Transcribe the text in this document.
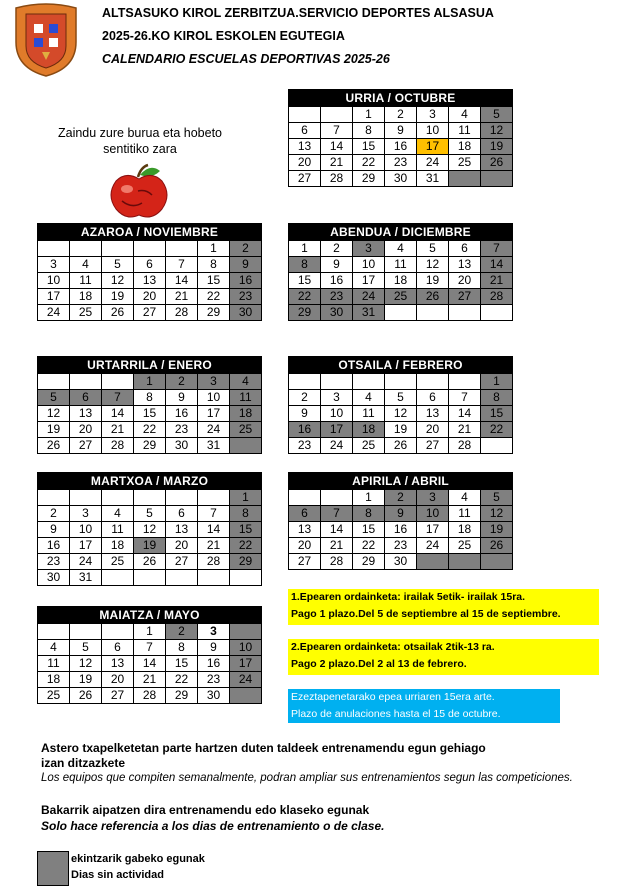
ALTSASUKO KIROL ZERBITZUA.SERVICIO DEPORTES ALSASUA
2025-26.KO KIROL ESKOLEN EGUTEGIA
CALENDARIO ESCUELAS DEPORTIVAS 2025-26
Zaindu zure burua eta hobeto
sentitiko zara
URRIA / OCTUBRE						
		1	2	3	4	5
6	7	8	9	10	11	12
13	14	15	16	17	18	19
20	21	22	23	24	25	26
27	28	29	30	31		
AZAROA / NOVIEMBRE						
					1	2
3	4	5	6	7	8	9
10	11	12	13	14	15	16
17	18	19	20	21	22	23
24	25	26	27	28	29	30
ABENDUA / DICIEMBRE						
1	2	3	4	5	6	7
8	9	10	11	12	13	14
15	16	17	18	19	20	21
22	23	24	25	26	27	28
29	30	31				
URTARRILA / ENERO						
			1	2	3	4
5	6	7	8	9	10	11
12	13	14	15	16	17	18
19	20	21	22	23	24	25
26	27	28	29	30	31	
OTSAILA / FEBRERO						
						1
2	3	4	5	6	7	8
9	10	11	12	13	14	15
16	17	18	19	20	21	22
23	24	25	26	27	28	
MARTXOA / MARZO						
						1
2	3	4	5	6	7	8
9	10	11	12	13	14	15
16	17	18	19	20	21	22
23	24	25	26	27	28	29
30	31					
APIRILA / ABRIL						
		1	2	3	4	5
6	7	8	9	10	11	12
13	14	15	16	17	18	19
20	21	22	23	24	25	26
27	28	29	30			
MAIATZA / MAYO						
			1	2	3	
4	5	6	7	8	9	10
11	12	13	14	15	16	17
18	19	20	21	22	23	24
25	26	27	28	29	30	
1.Epearen ordainketa: irailak 5etik- irailak 15ra.
Pago 1 plazo.Del 5 de septiembre al 15 de septiembre.
2.Epearen ordainketa: otsailak 2tik-13 ra.
Pago 2 plazo.Del 2 al 13 de febrero.
Ezeztapenetarako epea urriaren 15era arte.
Plazo de anulaciones hasta el 15 de octubre.
Astero txapelketetan parte hartzen duten taldeek entrenamendu egun gehiago
izan ditzazkete
Los equipos que compiten semanalmente, podran ampliar sus entrenamientos segun las competiciones.
Bakarrik aipatzen dira entrenamendu edo klaseko egunak
Solo hace referencia a los dias de entrenamiento o de clase.
ekintzarik gabeko egunak
Dias sin actividad
